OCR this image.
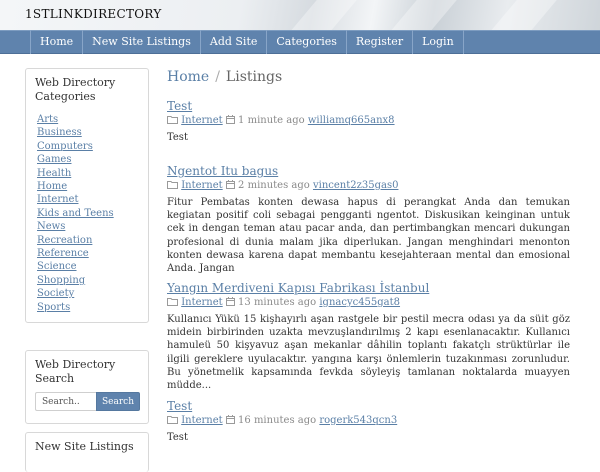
1STLINKDIRECTORY
Home	New Site Listings	Add Site	Categories	Register	Login
Web Directory Categories
Arts
Business
Computers
Games
Health
Home
Internet
Kids and Teens
News
Recreation
Reference
Science
Shopping
Society
Sports
Web Directory Search
Search..
Search
New Site Listings
Home / Listings
Test
Internet 1 minute ago williamq665anx8
Test
Ngentot Itu bagus
Internet 2 minutes ago vincent2z35gas0
Fitur Pembatas konten dewasa hapus di perangkat Anda dan temukan kegiatan positif coli sebagai pengganti ngentot. Diskusikan keinginan untuk cek in dengan teman atau pacar anda, dan pertimbangkan mencari dukungan profesional di dunia malam jika diperlukan. Jangan menghindari menonton konten dewasa karena dapat membantu kesejahteraan mental dan emosional Anda. Jangan
Yangın Merdiveni Kapısı Fabrikası İstanbul
Internet 13 minutes ago ignacyc455gat8
Kullanıcı Yükü 15 kişhayırlı aşan rastgele bir pestil mecra odası ya da süit göz midein birbirinden uzakta mevzuşlandırılmış 2 kapı esenlanacaktır. Kullanıcı hamuleü 50 kişyavuz aşan mekanlar dâhilin toplantı fakatçlı strüktürlar ile ilgili gereklere uyulacaktır. yangına karşı önlemlerin tuzakınması zorunludur. Bu yönetmelik kapsamında fevkda söyleyiş tamlanan noktalarda muayyen müdde...
Test
Internet 16 minutes ago rogerk543qcn3
Test
